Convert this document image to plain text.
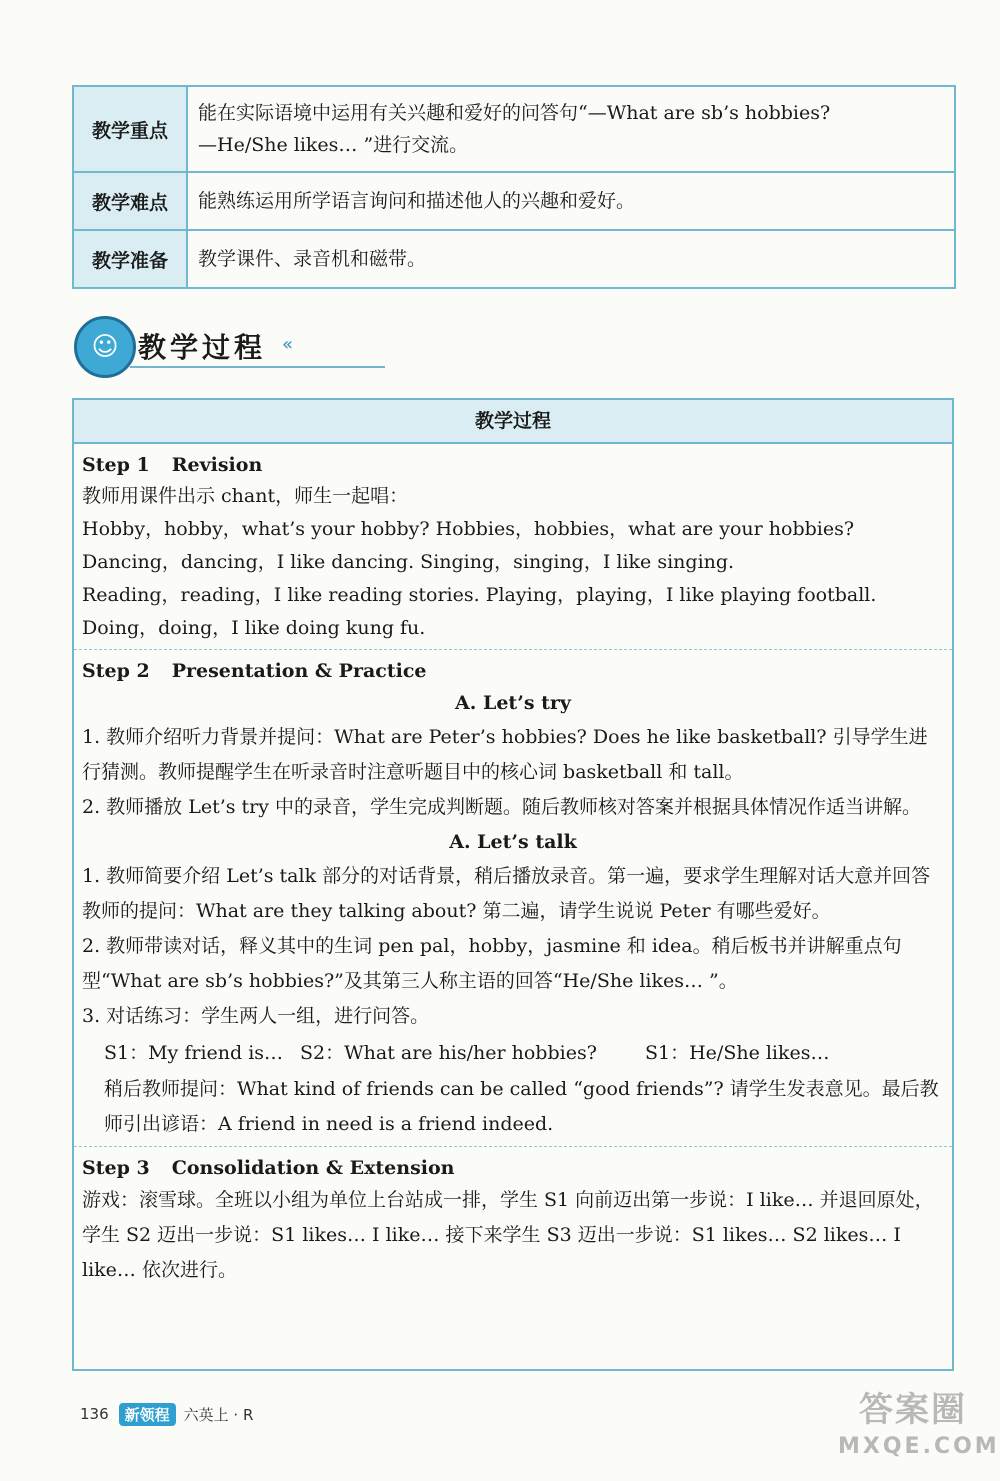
教学重点	能在实际语境中运用有关兴趣和爱好的问答句“—What are sb’s hobbies?
—He/She likes… ”进行交流。

教学难点	能熟练运用所学语言询问和描述他人的兴趣和爱好。

教学准备	教学课件、录音机和磁带。
☺ 教学过程 «
教学过程
Step 1 Revision
教师用课件出示 chant，师生一起唱：
Hobby，hobby，what’s your hobby? Hobbies，hobbies，what are your hobbies?
Dancing，dancing，I like dancing. Singing，singing，I like singing.
Reading，reading，I like reading stories. Playing，playing，I like playing football.
Doing，doing，I like doing kung fu.
Step 2 Presentation & Practice
A. Let’s try
1. 教师介绍听力背景并提问：What are Peter’s hobbies? Does he like basketball? 引导学生进行猜测。教师提醒学生在听录音时注意听题目中的核心词 basketball 和 tall。
2. 教师播放 Let’s try 中的录音，学生完成判断题。随后教师核对答案并根据具体情况作适当讲解。
A. Let’s talk
1. 教师简要介绍 Let’s talk 部分的对话背景，稍后播放录音。第一遍，要求学生理解对话大意并回答教师的提问：What are they talking about? 第二遍，请学生说说 Peter 有哪些爱好。
2. 教师带读对话，释义其中的生词 pen pal，hobby，jasmine 和 idea。稍后板书并讲解重点句型“What are sb’s hobbies?”及其第三人称主语的回答“He/She likes… ”。
3. 对话练习：学生两人一组，进行问答。
S1：My friend is… S2：What are his/her hobbies?	S1：He/She likes…
稍后教师提问：What kind of friends can be called “good friends”? 请学生发表意见。最后教师引出谚语：A friend in need is a friend indeed.
Step 3 Consolidation & Extension
游戏：滚雪球。全班以小组为单位上台站成一排，学生 S1 向前迈出第一步说：I like… 并退回原处，学生 S2 迈出一步说：S1 likes… I like… 接下来学生 S3 迈出一步说：S1 likes… S2 likes… I like… 依次进行。
136	新领程 六英上 · R	答案圈
MXQE.COM
